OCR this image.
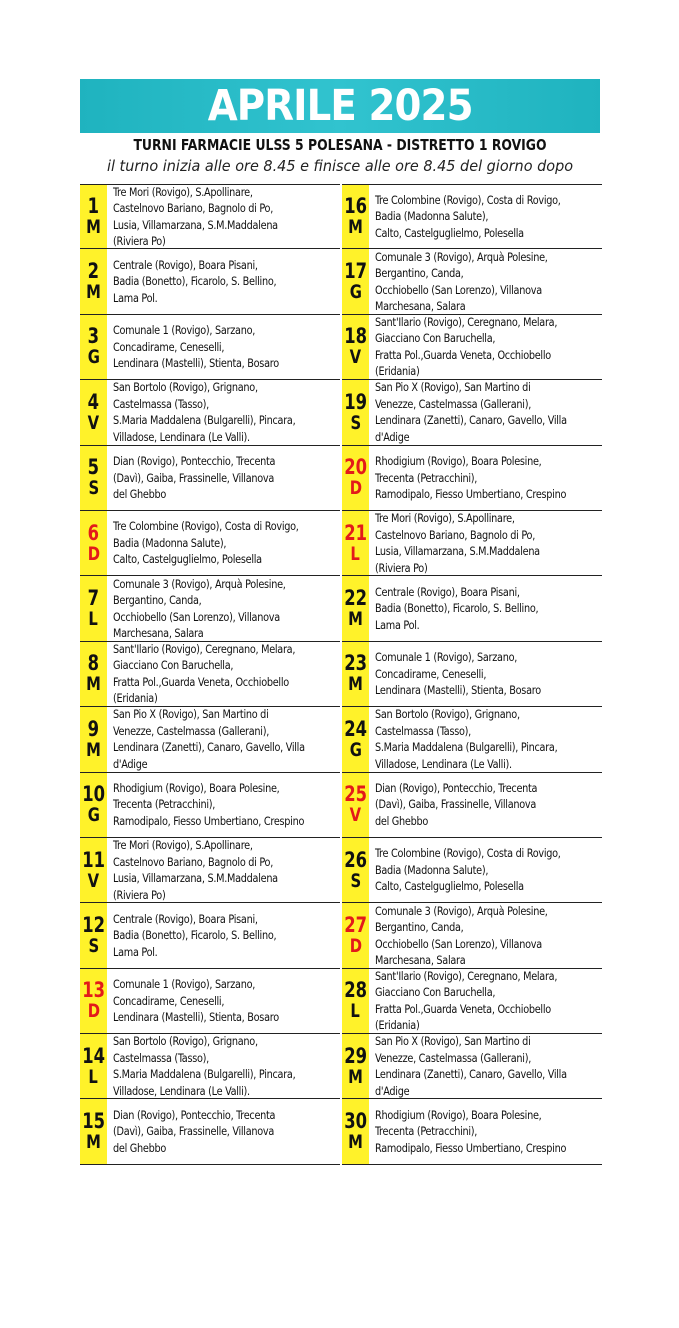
APRILE 2025
TURNI FARMACIE ULSS 5 POLESANA - DISTRETTO 1 ROVIGO
il turno inizia alle ore 8.45 e finisce alle ore 8.45 del giorno dopo
1
M
Tre Mori (Rovigo), S.Apollinare,
Castelnovo Bariano, Bagnolo di Po,
Lusia, Villamarzana, S.M.Maddalena
(Riviera Po)
2
M
Centrale (Rovigo), Boara Pisani,
Badia (Bonetto), Ficarolo, S. Bellino,
Lama Pol.
3
G
Comunale 1 (Rovigo), Sarzano,
Concadirame, Ceneselli,
Lendinara (Mastelli), Stienta, Bosaro
4
V
San Bortolo (Rovigo), Grignano,
Castelmassa (Tasso),
S.Maria Maddalena (Bulgarelli), Pincara,
Villadose, Lendinara (Le Valli).
5
S
Dian (Rovigo), Pontecchio, Trecenta
(Davì), Gaiba, Frassinelle, Villanova
del Ghebbo
6
D
Tre Colombine (Rovigo), Costa di Rovigo,
Badia (Madonna Salute),
Calto, Castelguglielmo, Polesella
7
L
Comunale 3 (Rovigo), Arquà Polesine,
Bergantino, Canda,
Occhiobello (San Lorenzo), Villanova
Marchesana, Salara
8
M
Sant'Ilario (Rovigo), Ceregnano, Melara,
Giacciano Con Baruchella,
Fratta Pol.,Guarda Veneta, Occhiobello
(Eridania)
9
M
San Pio X (Rovigo), San Martino di
Venezze, Castelmassa (Gallerani),
Lendinara (Zanetti), Canaro, Gavello, Villa
d'Adige
10
G
Rhodigium (Rovigo), Boara Polesine,
Trecenta (Petracchini),
Ramodipalo, Fiesso Umbertiano, Crespino
11
V
Tre Mori (Rovigo), S.Apollinare,
Castelnovo Bariano, Bagnolo di Po,
Lusia, Villamarzana, S.M.Maddalena
(Riviera Po)
12
S
Centrale (Rovigo), Boara Pisani,
Badia (Bonetto), Ficarolo, S. Bellino,
Lama Pol.
13
D
Comunale 1 (Rovigo), Sarzano,
Concadirame, Ceneselli,
Lendinara (Mastelli), Stienta, Bosaro
14
L
San Bortolo (Rovigo), Grignano,
Castelmassa (Tasso),
S.Maria Maddalena (Bulgarelli), Pincara,
Villadose, Lendinara (Le Valli).
15
M
Dian (Rovigo), Pontecchio, Trecenta
(Davì), Gaiba, Frassinelle, Villanova
del Ghebbo
16
M
Tre Colombine (Rovigo), Costa di Rovigo,
Badia (Madonna Salute),
Calto, Castelguglielmo, Polesella
17
G
Comunale 3 (Rovigo), Arquà Polesine,
Bergantino, Canda,
Occhiobello (San Lorenzo), Villanova
Marchesana, Salara
18
V
Sant'Ilario (Rovigo), Ceregnano, Melara,
Giacciano Con Baruchella,
Fratta Pol.,Guarda Veneta, Occhiobello
(Eridania)
19
S
San Pio X (Rovigo), San Martino di
Venezze, Castelmassa (Gallerani),
Lendinara (Zanetti), Canaro, Gavello, Villa
d'Adige
20
D
Rhodigium (Rovigo), Boara Polesine,
Trecenta (Petracchini),
Ramodipalo, Fiesso Umbertiano, Crespino
21
L
Tre Mori (Rovigo), S.Apollinare,
Castelnovo Bariano, Bagnolo di Po,
Lusia, Villamarzana, S.M.Maddalena
(Riviera Po)
22
M
Centrale (Rovigo), Boara Pisani,
Badia (Bonetto), Ficarolo, S. Bellino,
Lama Pol.
23
M
Comunale 1 (Rovigo), Sarzano,
Concadirame, Ceneselli,
Lendinara (Mastelli), Stienta, Bosaro
24
G
San Bortolo (Rovigo), Grignano,
Castelmassa (Tasso),
S.Maria Maddalena (Bulgarelli), Pincara,
Villadose, Lendinara (Le Valli).
25
V
Dian (Rovigo), Pontecchio, Trecenta
(Davì), Gaiba, Frassinelle, Villanova
del Ghebbo
26
S
Tre Colombine (Rovigo), Costa di Rovigo,
Badia (Madonna Salute),
Calto, Castelguglielmo, Polesella
27
D
Comunale 3 (Rovigo), Arquà Polesine,
Bergantino, Canda,
Occhiobello (San Lorenzo), Villanova
Marchesana, Salara
28
L
Sant'Ilario (Rovigo), Ceregnano, Melara,
Giacciano Con Baruchella,
Fratta Pol.,Guarda Veneta, Occhiobello
(Eridania)
29
M
San Pio X (Rovigo), San Martino di
Venezze, Castelmassa (Gallerani),
Lendinara (Zanetti), Canaro, Gavello, Villa
d'Adige
30
M
Rhodigium (Rovigo), Boara Polesine,
Trecenta (Petracchini),
Ramodipalo, Fiesso Umbertiano, Crespino
